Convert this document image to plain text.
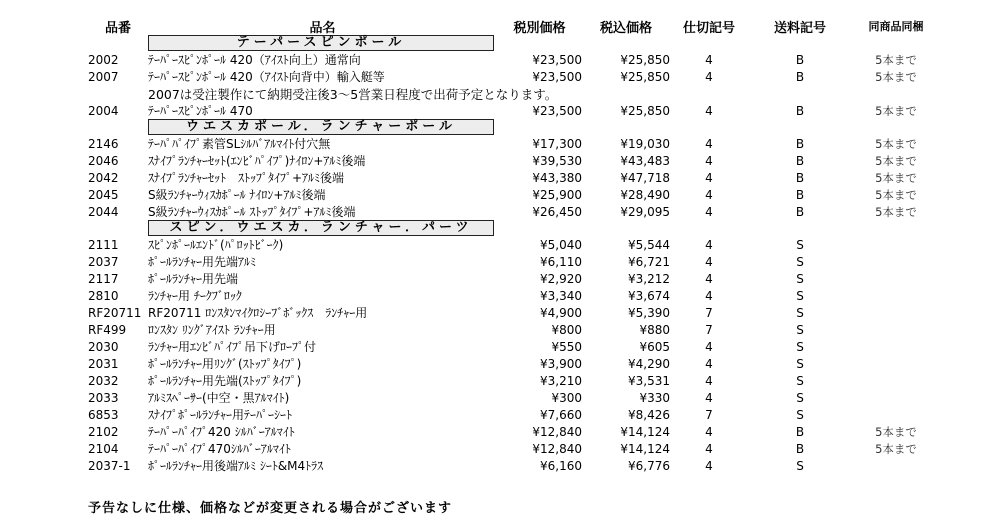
品番	品名	税別価格	税込価格	仕切記号	送料記号	同商品同梱
テーパースピンポール
2002	ﾃｰﾊﾟｰｽﾋﾟﾝﾎﾟｰﾙ 420（ｱｲｽﾄ向上）通常向	¥23,500	¥25,850	4	B	5本まで
2007	ﾃｰﾊﾟｰｽﾋﾟﾝﾎﾟｰﾙ 420（ｱｲｽﾄ向背中）輸入艇等	¥23,500	¥25,850	4	B	5本まで
2007は受注製作にて納期受注後3～5営業日程度で出荷予定となります。
2004	ﾃｰﾊﾟｰｽﾋﾟﾝﾎﾟｰﾙ 470	¥23,500	¥25,850	4	B	5本まで
ウエスカポール．ランチャーポール
2146	ﾃｰﾊﾟﾊﾟｲﾌﾟ素管SLｼﾙﾊﾞｱﾙﾏｲﾄ付穴無	¥17,300	¥19,030	4	B	5本まで
2046	ｽﾅｲﾌﾟﾗﾝﾁｬｰｾｯﾄ(ｴﾝﾋﾞﾊﾟｲﾌﾟ)ﾅｲﾛﾝ+ｱﾙﾐ後端	¥39,530	¥43,483	4	B	5本まで
2042	ｽﾅｲﾌﾟﾗﾝﾁｬｰｾｯﾄ　ｽﾄｯﾌﾟﾀｲﾌﾟ+ｱﾙﾐ後端	¥43,380	¥47,718	4	B	5本まで
2045	S級ﾗﾝﾁｬｰｳｨｽｶﾎﾟｰﾙ ﾅｲﾛﾝ+ｱﾙﾐ後端	¥25,900	¥28,490	4	B	5本まで
2044	S級ﾗﾝﾁｬｰｳｨｽｶﾎﾟｰﾙ ｽﾄｯﾌﾟﾀｲﾌﾟ+ｱﾙﾐ後端	¥26,450	¥29,095	4	B	5本まで
スピン．ウエスカ．ランチャー．パーツ
2111	ｽﾋﾟﾝﾎﾟｰﾙｴﾝﾄﾞ(ﾊﾟﾛｯﾄﾋﾞｰｸ)	¥5,040	¥5,544	4	S
2037	ﾎﾟｰﾙﾗﾝﾁｬｰ用先端ｱﾙﾐ	¥6,110	¥6,721	4	S
2117	ﾎﾟｰﾙﾗﾝﾁｬｰ用先端	¥2,920	¥3,212	4	S
2810	ﾗﾝﾁｬｰ用 ﾁｰｸﾌﾞﾛｯｸ	¥3,340	¥3,674	4	S
RF20711 RF20711 ﾛﾝｽﾀﾝﾏｲｸﾛｼｰﾌﾞﾎﾞｯｸｽ　ﾗﾝﾁｬｰ用	¥4,900	¥5,390	7	S
RF499	ﾛﾝｽﾀﾝ ﾘﾝｸﾞｱｲｽﾄ ﾗﾝﾁｬｰ用	¥800	¥880	7	S
2030	ﾗﾝﾁｬｰ用ｴﾝﾋﾞﾊﾟｲﾌﾟ吊下げﾛｰﾌﾟ付	¥550	¥605	4	S
2031	ﾎﾟｰﾙﾗﾝﾁｬｰ用ﾘﾝｸﾞ(ｽﾄｯﾌﾟﾀｲﾌﾟ)	¥3,900	¥4,290	4	S
2032	ﾎﾟｰﾙﾗﾝﾁｬｰ用先端(ｽﾄｯﾌﾟﾀｲﾌﾟ)	¥3,210	¥3,531	4	S
2033	ｱﾙﾐｽﾍﾟｰｻｰ(中空・黒ｱﾙﾏｲﾄ)	¥300	¥330	4	S
6853	ｽﾅｲﾌﾟﾎﾟｰﾙﾗﾝﾁｬｰ用ﾃｰﾊﾟｰｼｰﾄ	¥7,660	¥8,426	7	S
2102	ﾃｰﾊﾟｰﾊﾟｲﾌﾟ420 ｼﾙﾊﾞｰｱﾙﾏｲﾄ	¥12,840	¥14,124	4	B	5本まで
2104	ﾃｰﾊﾟｰﾊﾟｲﾌﾟ470ｼﾙﾊﾞｰｱﾙﾏｲﾄ	¥12,840	¥14,124	4	B	5本まで
2037-1	ﾎﾟｰﾙﾗﾝﾁｬｰ用後端ｱﾙﾐ ｼｰﾄ&M4ﾄﾗｽ	¥6,160	¥6,776	4	S
予告なしに仕様、価格などが変更される場合がございます
